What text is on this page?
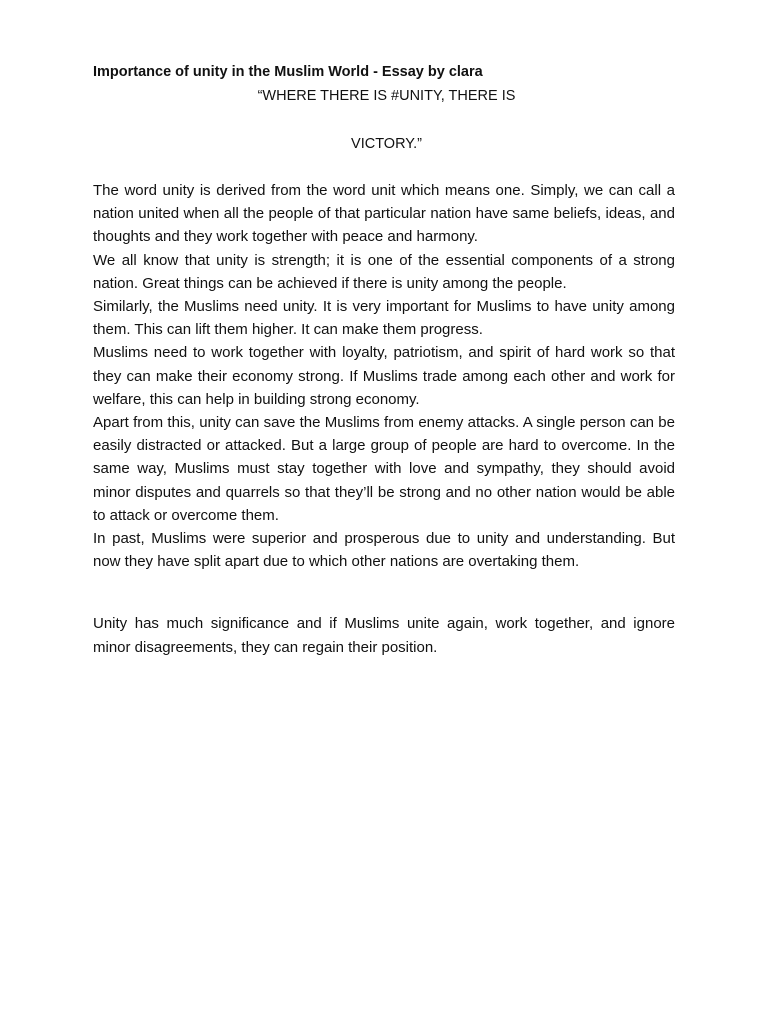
Importance of unity in the Muslim World - Essay by clara
“WHERE THERE IS #UNITY, THERE IS
VICTORY.”

The word unity is derived from the word unit which means one. Simply, we can call a nation united when all the people of that particular nation have same beliefs, ideas, and thoughts and they work together with peace and harmony.

We all know that unity is strength; it is one of the essential components of a strong nation. Great things can be achieved if there is unity among the people.

Similarly, the Muslims need unity. It is very important for Muslims to have unity among them. This can lift them higher. It can make them progress.

Muslims need to work together with loyalty, patriotism, and spirit of hard work so that they can make their economy strong. If Muslims trade among each other and work for welfare, this can help in building strong economy.

Apart from this, unity can save the Muslims from enemy attacks. A single person can be easily distracted or attacked. But a large group of people are hard to overcome. In the same way, Muslims must stay together with love and sympathy, they should avoid minor disputes and quarrels so that they’ll be strong and no other nation would be able to attack or overcome them.

In past, Muslims were superior and prosperous due to unity and understanding. But now they have split apart due to which other nations are overtaking them.

Unity has much significance and if Muslims unite again, work together, and ignore minor disagreements, they can regain their position.
